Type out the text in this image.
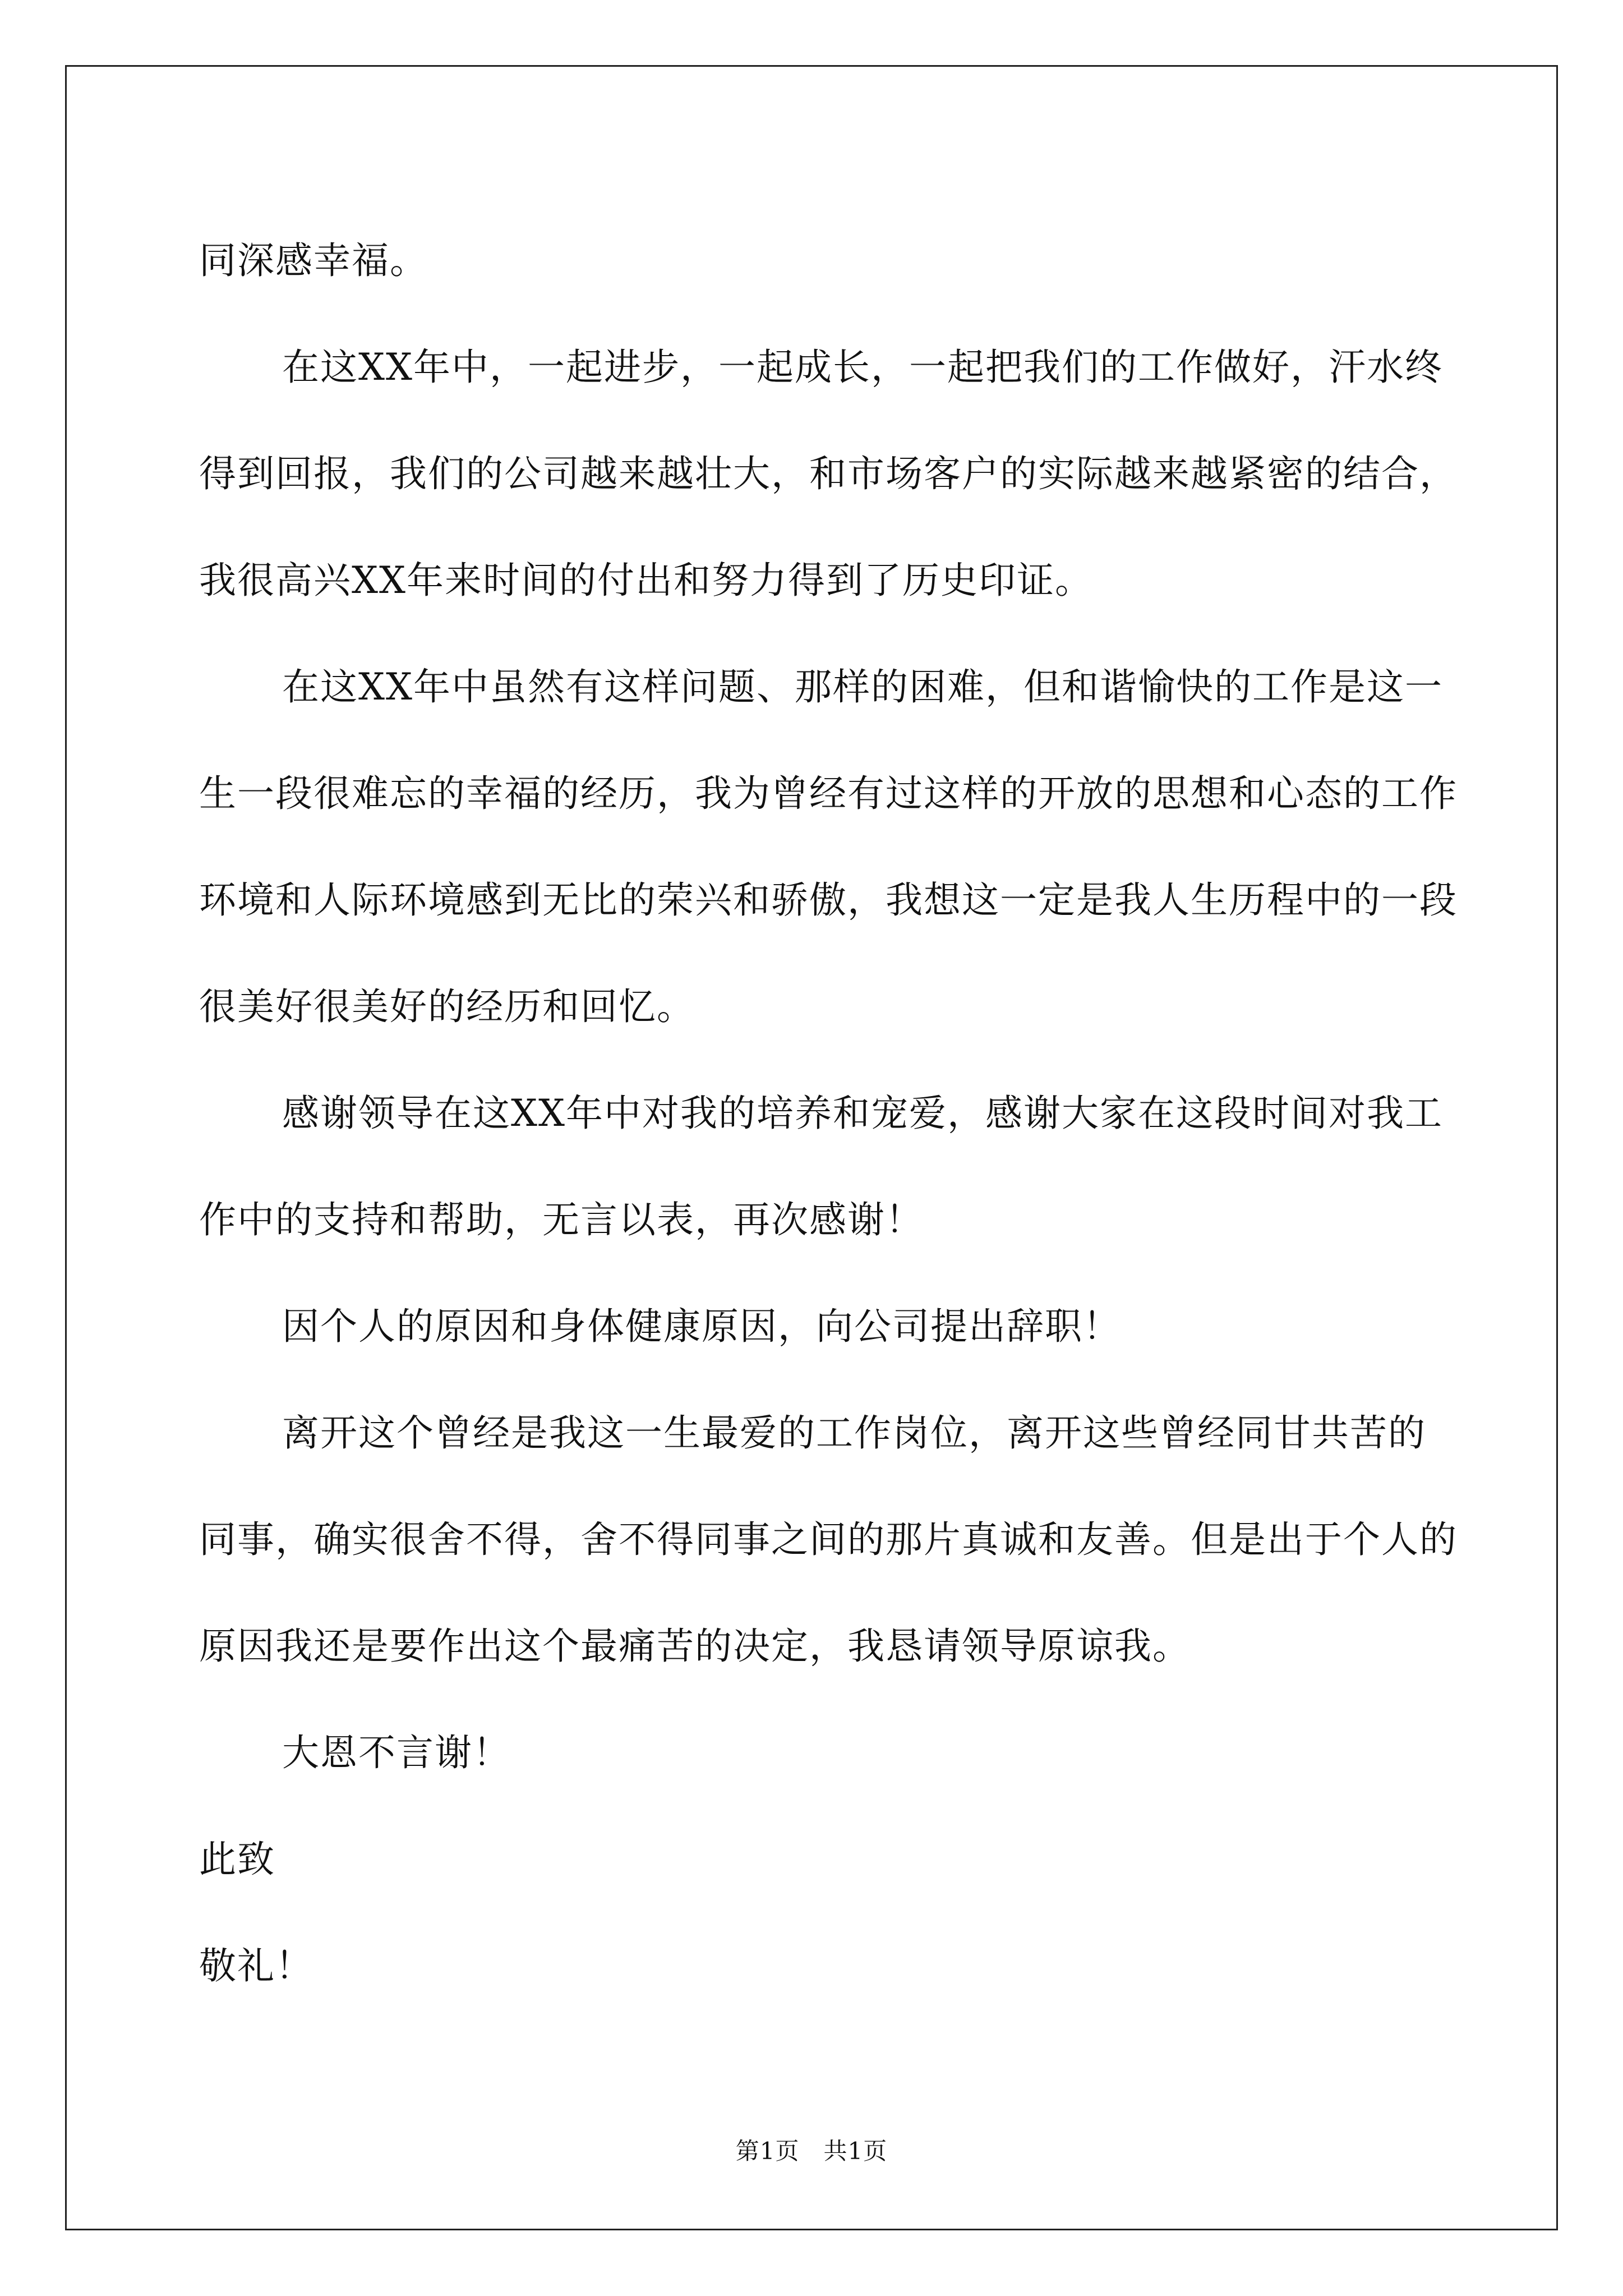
同深感幸福。

在这XX年中，一起进步，一起成长，一起把我们的工作做好，汗水终得到回报，我们的公司越来越壮大，和市场客户的实际越来越紧密的结合，我很高兴XX年来时间的付出和努力得到了历史印证。

在这XX年中虽然有这样问题、那样的困难，但和谐愉快的工作是这一生一段很难忘的幸福的经历，我为曾经有过这样的开放的思想和心态的工作环境和人际环境感到无比的荣兴和骄傲，我想这一定是我人生历程中的一段很美好很美好的经历和回忆。

感谢领导在这XX年中对我的培养和宠爱，感谢大家在这段时间对我工作中的支持和帮助，无言以表，再次感谢！

因个人的原因和身体健康原因，向公司提出辞职！

离开这个曾经是我这一生最爱的工作岗位，离开这些曾经同甘共苦的同事，确实很舍不得，舍不得同事之间的那片真诚和友善。但是出于个人的原因我还是要作出这个最痛苦的决定，我恳请领导原谅我。

大恩不言谢！

此致

敬礼！

第1页　共1页
